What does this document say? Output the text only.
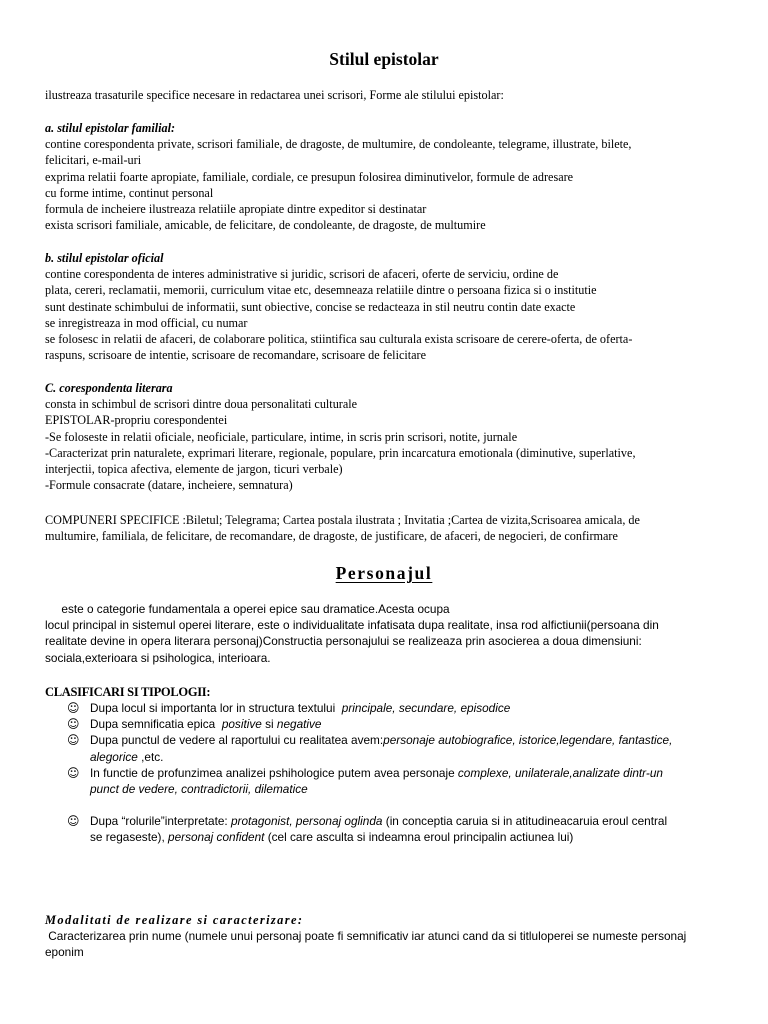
Stilul epistolar
ilustreaza trasaturile specifice necesare in redactarea unei scrisori, Forme ale stilului epistolar:
a. stilul epistolar familial:
contine corespondenta private, scrisori familiale, de dragoste, de multumire, de condoleante, telegrame, illustrate, bilete,
felicitari, e-mail-uri
exprima relatii foarte apropiate, familiale, cordiale, ce presupun folosirea diminutivelor, formule de adresare
cu forme intime, continut personal
formula de incheiere ilustreaza relatiile apropiate dintre expeditor si destinatar
exista scrisori familiale, amicable, de felicitare, de condoleante, de dragoste, de multumire
b. stilul epistolar oficial
contine corespondenta de interes administrative si juridic, scrisori de afaceri, oferte de serviciu, ordine de
plata, cereri, reclamatii, memorii, curriculum vitae etc, desemneaza relatiile dintre o persoana fizica si o institutie
sunt destinate schimbului de informatii, sunt obiective, concise se redacteaza in stil neutru contin date exacte
se inregistreaza in mod official, cu numar
se folosesc in relatii de afaceri, de colaborare politica, stiintifica sau culturala exista scrisoare de cerere-oferta, de oferta-
raspuns, scrisoare de intentie, scrisoare de recomandare, scrisoare de felicitare
C. corespondenta literara
consta in schimbul de scrisori dintre doua personalitati culturale
EPISTOLAR-propriu corespondentei
-Se foloseste in relatii oficiale, neoficiale, particulare, intime, in scris prin scrisori, notite, jurnale
-Caracterizat prin naturalete, exprimari literare, regionale, populare, prin incarcatura emotionala (diminutive, superlative,
interjectii, topica afectiva, elemente de jargon, ticuri verbale)
-Formule consacrate (datare, incheiere, semnatura)
COMPUNERI SPECIFICE :Biletul; Telegrama; Cartea postala ilustrata ; Invitatia ;Cartea de vizita,Scrisoarea amicala, de
multumire, familiala, de felicitare, de recomandare, de dragoste, de justificare, de afaceri, de negocieri, de confirmare
Personajul
este o categorie fundamentala a operei epice sau dramatice.Acesta ocupa
locul principal in sistemul operei literare, este o individualitate infatisata dupa realitate, insa rod alfictiunii(persoana din
realitate devine in opera literara personaj)Constructia personajului se realizeaza prin asocierea a doua dimensiuni:
sociala,exterioara si psihologica, interioara.
CLASIFICARI SI TIPOLOGII:
☺ Dupa locul si importanta lor in structura textului  principale, secundare, episodice
☺ Dupa semnificatia epica  positive si negative
☺ Dupa punctul de vedere al raportului cu realitatea avem:personaje autobiografice, istorice,legendare, fantastice,
alegorice ,etc.
☺ In functie de profunzimea analizei pshihologice putem avea personaje complexe, unilaterale,analizate dintr-un
punct de vedere, contradictorii, dilematice
☺ Dupa “rolurile”interpretate: protagonist, personaj oglinda (in conceptia caruia si in atitudineacaruia eroul central
se regaseste), personaj confident (cel care asculta si indeamna eroul principalin actiunea lui)
Modalitati de realizare si caracterizare:
Caracterizarea prin nume (numele unui personaj poate fi semnificativ iar atunci cand da si titluloperei se numeste personaj
eponim
